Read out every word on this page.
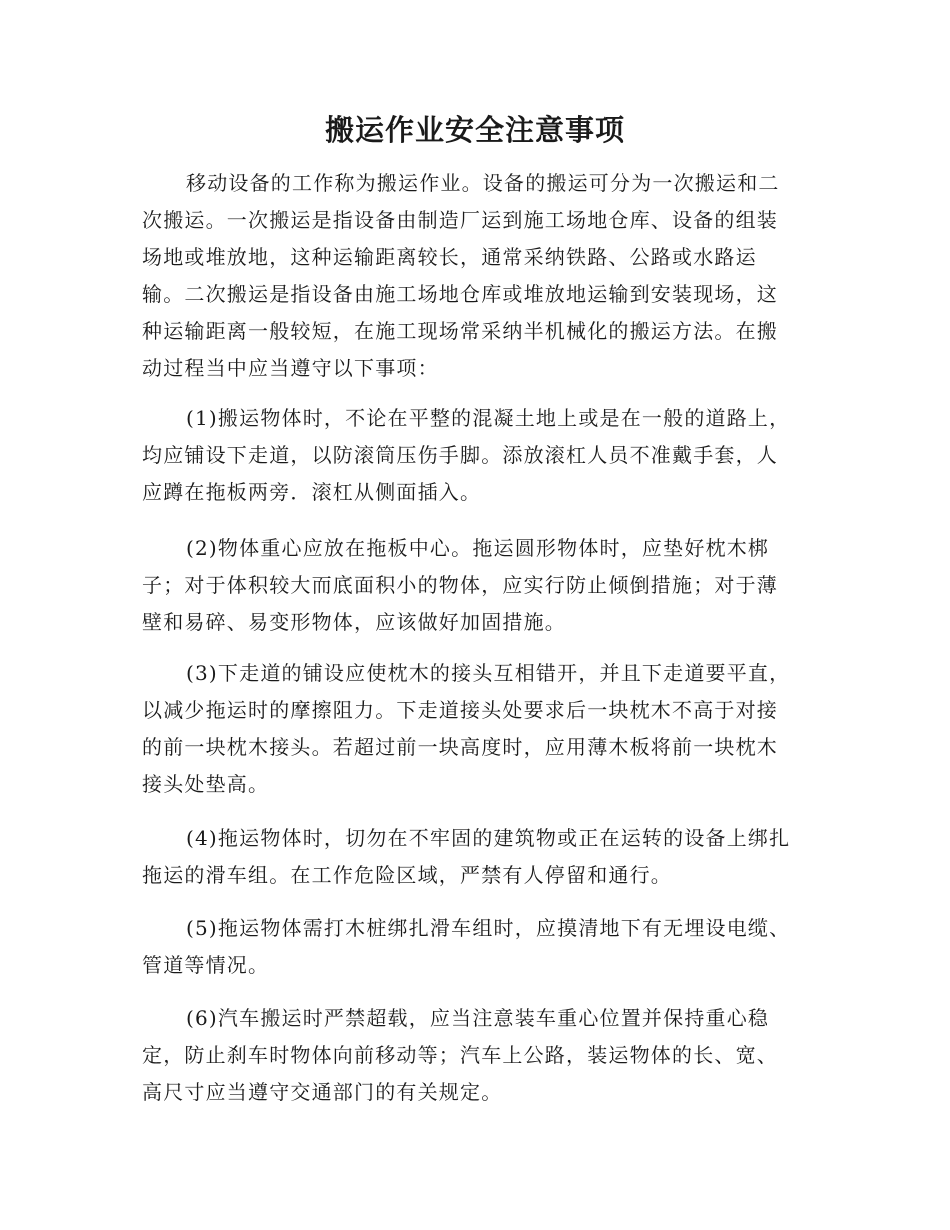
搬运作业安全注意事项
移动设备的工作称为搬运作业。设备的搬运可分为一次搬运和二
次搬运。一次搬运是指设备由制造厂运到施工场地仓库、设备的组装
场地或堆放地，这种运输距离较长，通常采纳铁路、公路或水路运
输。二次搬运是指设备由施工场地仓库或堆放地运输到安装现场，这
种运输距离一般较短，在施工现场常采纳半机械化的搬运方法。在搬
动过程当中应当遵守以下事项：
(1)搬运物体时，不论在平整的混凝土地上或是在一般的道路上，
均应铺设下走道，以防滚筒压伤手脚。添放滚杠人员不准戴手套，人
应蹲在拖板两旁．滚杠从侧面插入。
(2)物体重心应放在拖板中心。拖运圆形物体时，应垫好枕木梆
子；对于体积较大而底面积小的物体，应实行防止倾倒措施；对于薄
壁和易碎、易变形物体，应该做好加固措施。
(3)下走道的铺设应使枕木的接头互相错开，并且下走道要平直，
以减少拖运时的摩擦阻力。下走道接头处要求后一块枕木不高于对接
的前一块枕木接头。若超过前一块高度时，应用薄木板将前一块枕木
接头处垫高。
(4)拖运物体时，切勿在不牢固的建筑物或正在运转的设备上绑扎
拖运的滑车组。在工作危险区域，严禁有人停留和通行。
(5)拖运物体需打木桩绑扎滑车组时，应摸清地下有无埋设电缆、
管道等情况。
(6)汽车搬运时严禁超载，应当注意装车重心位置并保持重心稳
定，防止刹车时物体向前移动等；汽车上公路，装运物体的长、宽、
高尺寸应当遵守交通部门的有关规定。
